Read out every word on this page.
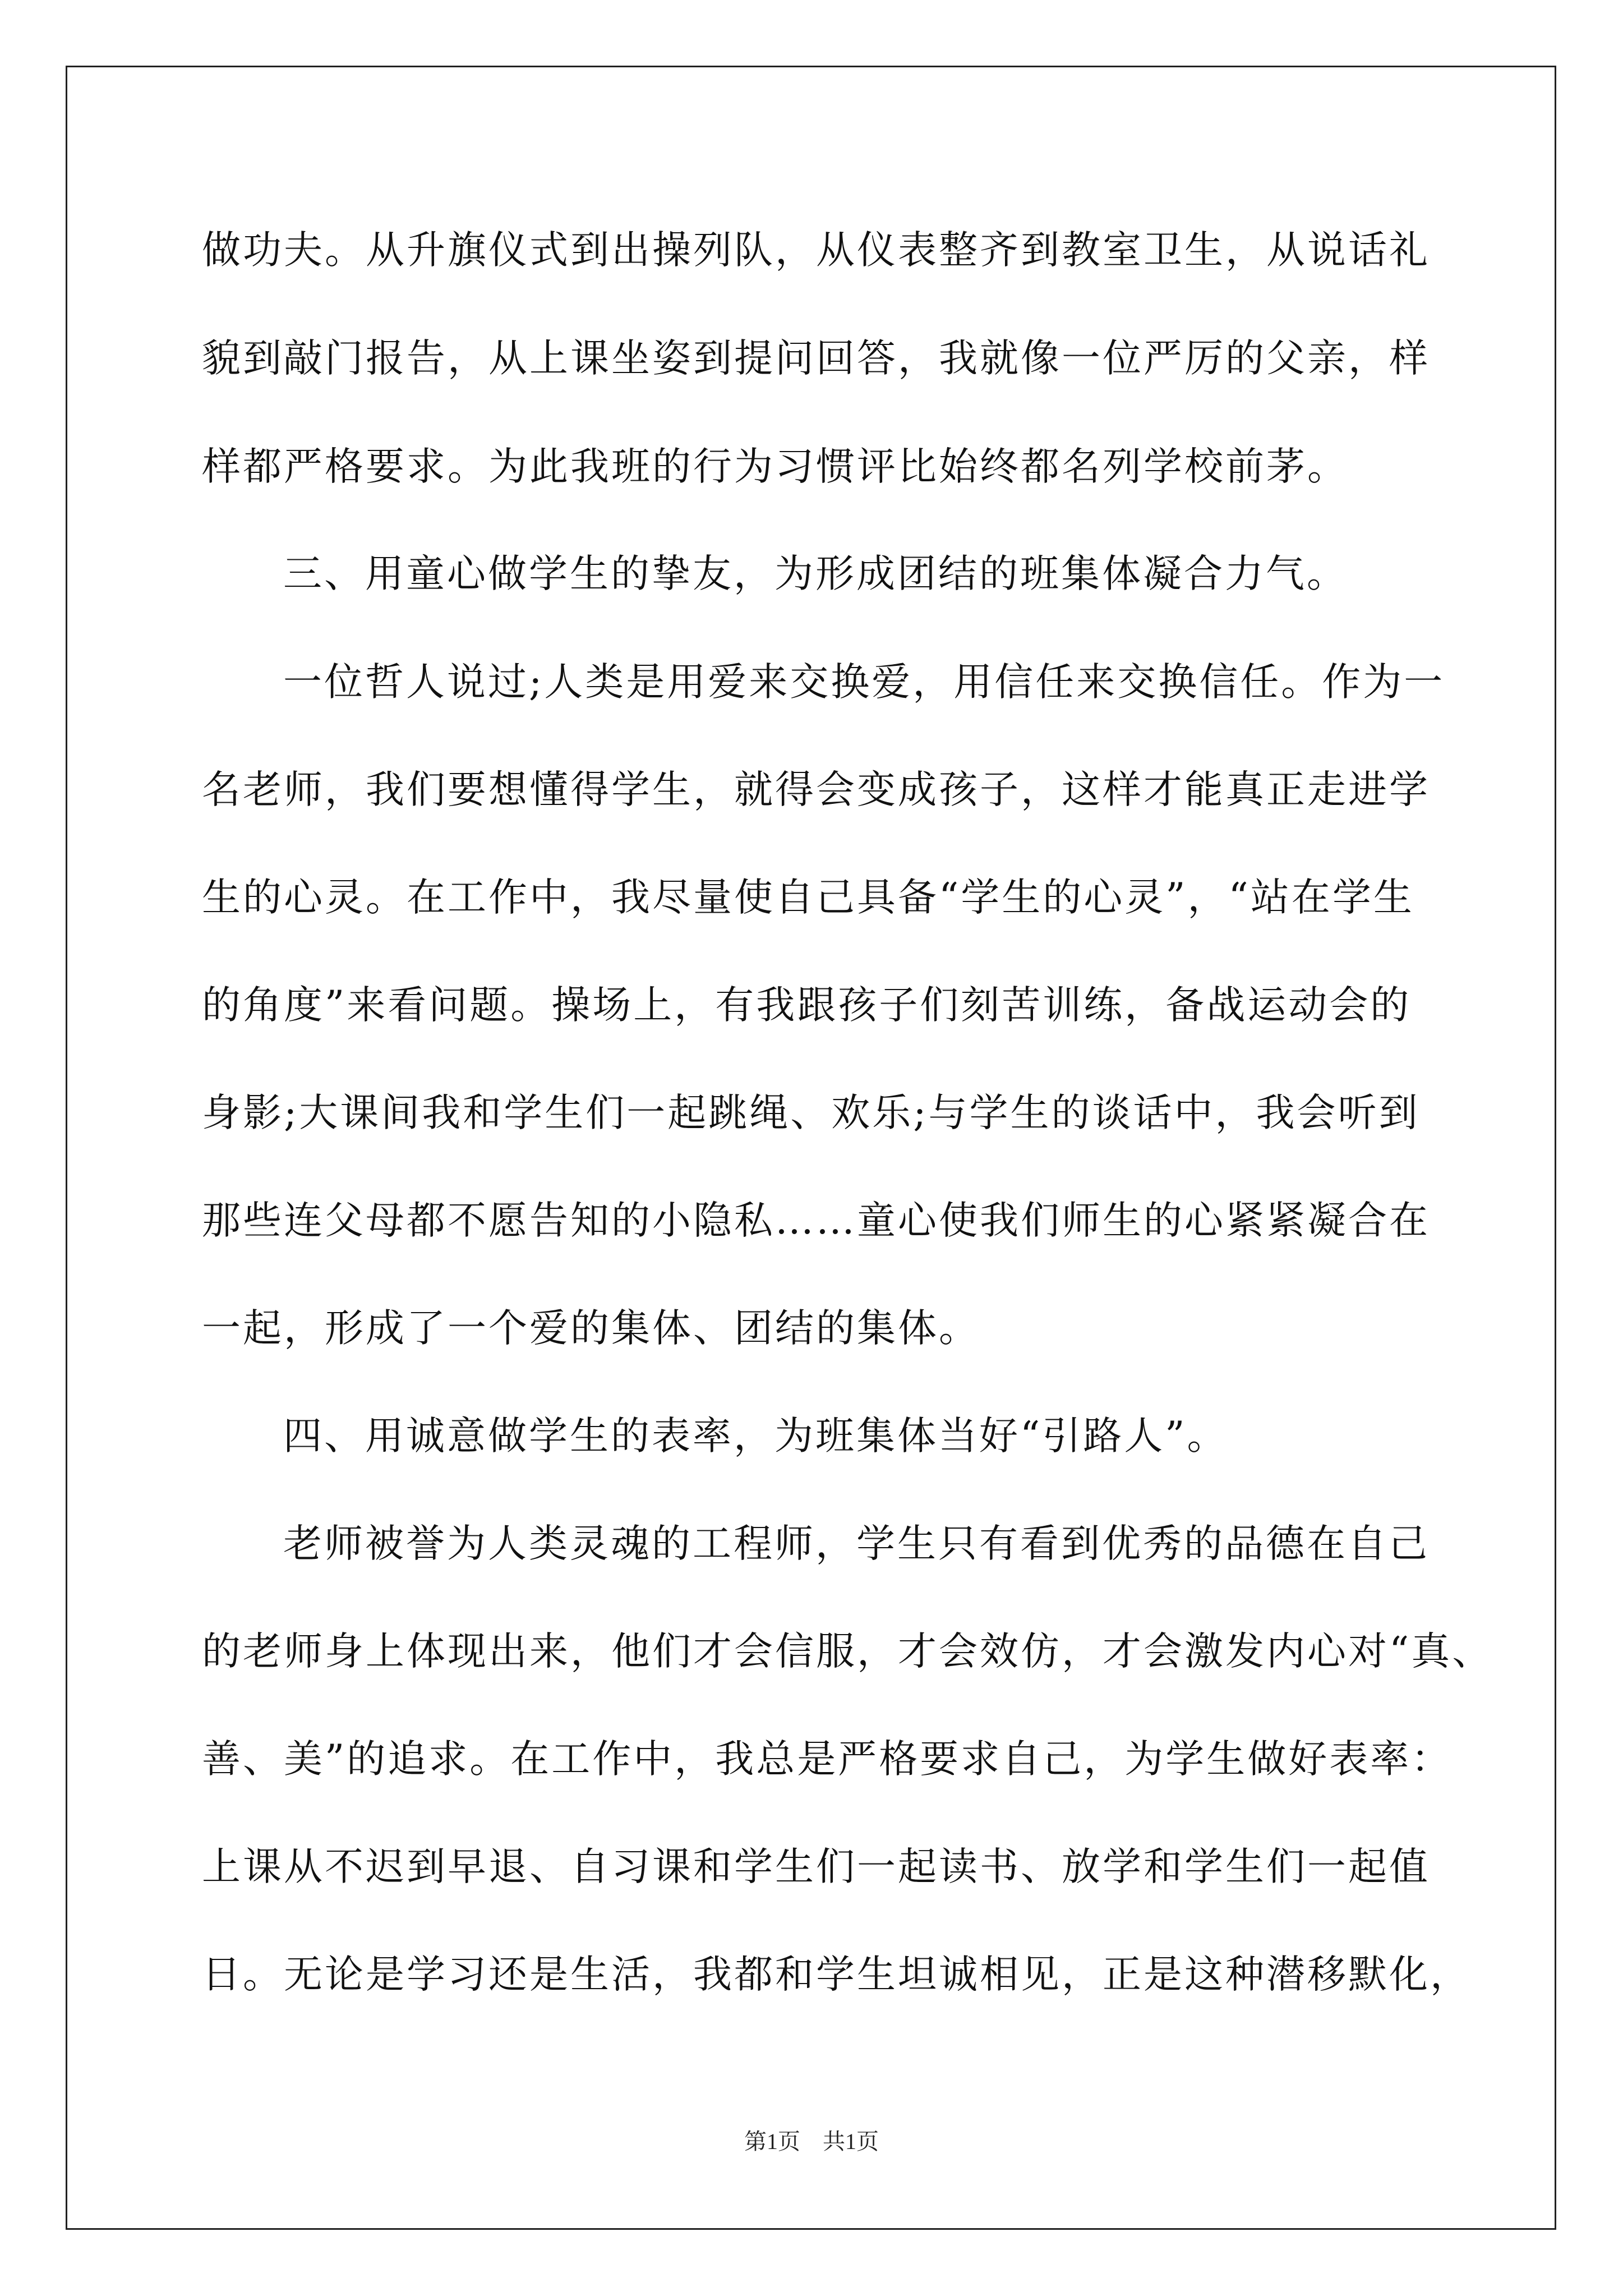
做功夫。从升旗仪式到出操列队，从仪表整齐到教室卫生，从说话礼
貌到敲门报告，从上课坐姿到提问回答，我就像一位严厉的父亲，样
样都严格要求。为此我班的行为习惯评比始终都名列学校前茅。
三、用童心做学生的挚友，为形成团结的班集体凝合力气。
一位哲人说过;人类是用爱来交换爱，用信任来交换信任。作为一
名老师，我们要想懂得学生，就得会变成孩子，这样才能真正走进学
生的心灵。在工作中，我尽量使自己具备“学生的心灵”，“站在学生
的角度”来看问题。操场上，有我跟孩子们刻苦训练，备战运动会的
身影;大课间我和学生们一起跳绳、欢乐;与学生的谈话中，我会听到
那些连父母都不愿告知的小隐私……童心使我们师生的心紧紧凝合在
一起，形成了一个爱的集体、团结的集体。
四、用诚意做学生的表率，为班集体当好“引路人”。
老师被誉为人类灵魂的工程师，学生只有看到优秀的品德在自己
的老师身上体现出来，他们才会信服，才会效仿，才会激发内心对“真、
善、美”的追求。在工作中，我总是严格要求自己，为学生做好表率：
上课从不迟到早退、自习课和学生们一起读书、放学和学生们一起值
日。无论是学习还是生活，我都和学生坦诚相见，正是这种潜移默化，
第1页　共1页
